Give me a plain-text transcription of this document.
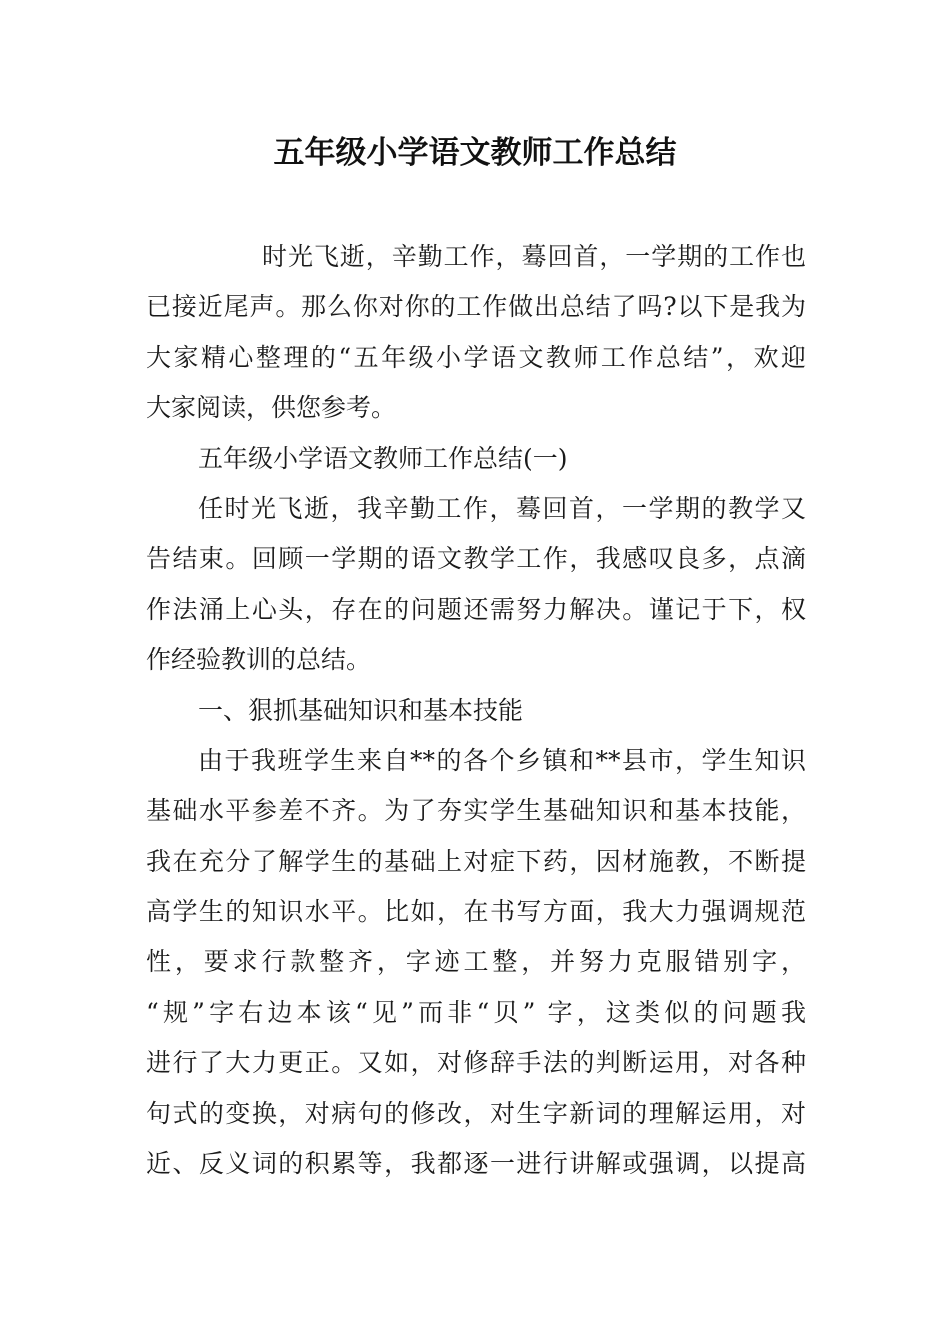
五年级小学语文教师工作总结
时光飞逝，辛勤工作，蓦回首，一学期的工作也
已接近尾声。那么你对你的工作做出总结了吗?以下是我为
大家精心整理的“五年级小学语文教师工作总结”，欢迎
大家阅读，供您参考。
五年级小学语文教师工作总结(一)
任时光飞逝，我辛勤工作，蓦回首，一学期的教学又
告结束。回顾一学期的语文教学工作，我感叹良多，点滴
作法涌上心头，存在的问题还需努力解决。谨记于下，权
作经验教训的总结。
一、狠抓基础知识和基本技能
由于我班学生来自**的各个乡镇和**县市，学生知识
基础水平参差不齐。为了夯实学生基础知识和基本技能，
我在充分了解学生的基础上对症下药，因材施教，不断提
高学生的知识水平。比如，在书写方面，我大力强调规范
性，要求行款整齐，字迹工整，并努力克服错别字，
“规”字右边本该“见”而非“贝” 字，这类似的问题我
进行了大力更正。又如，对修辞手法的判断运用，对各种
句式的变换，对病句的修改，对生字新词的理解运用，对
近、反义词的积累等，我都逐一进行讲解或强调，以提高
